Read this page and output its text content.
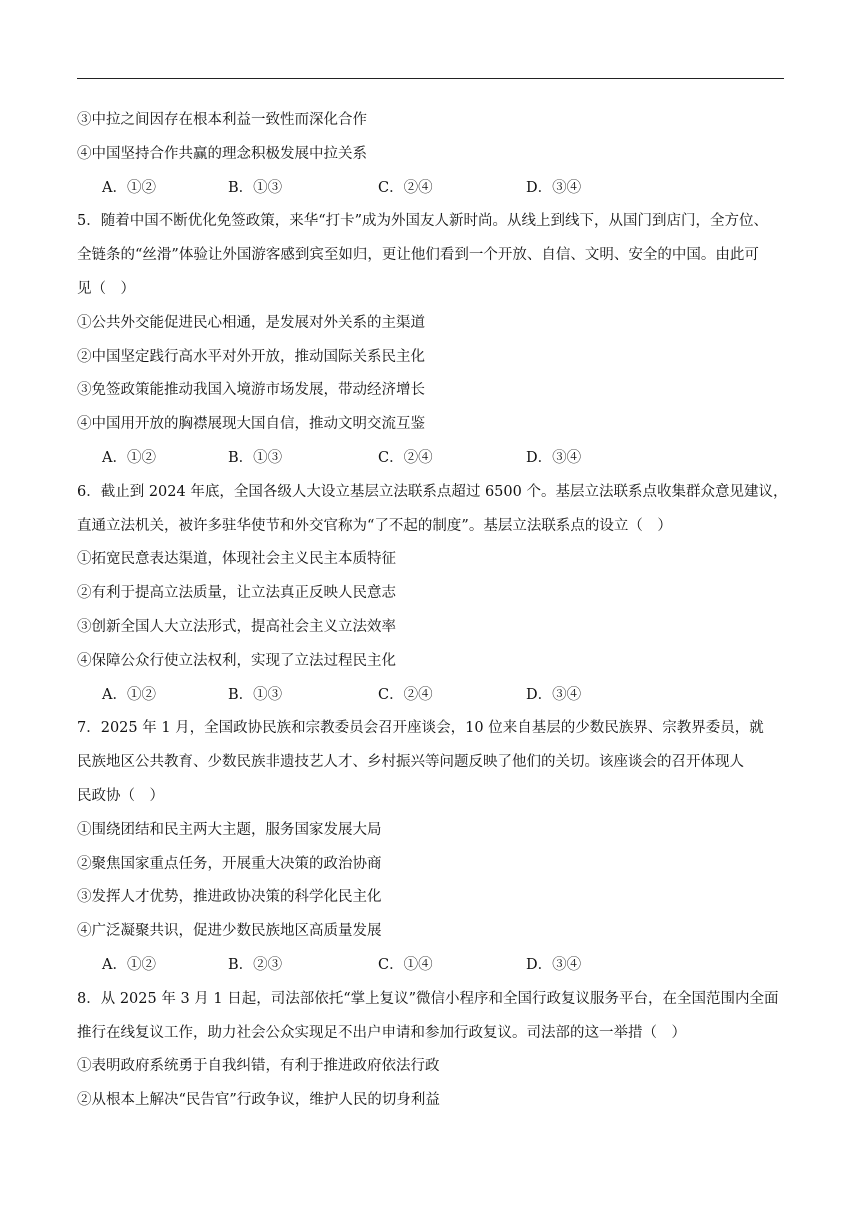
③中拉之间因存在根本利益一致性而深化合作
④中国坚持合作共赢的理念积极发展中拉关系
A．①②	B．①③	C．②④	D．③④
5．随着中国不断优化免签政策，来华“打卡”成为外国友人新时尚。从线上到线下，从国门到店门，全方位、
全链条的“丝滑”体验让外国游客感到宾至如归，更让他们看到一个开放、自信、文明、安全的中国。由此可
见（　）
①公共外交能促进民心相通，是发展对外关系的主渠道
②中国坚定践行高水平对外开放，推动国际关系民主化
③免签政策能推动我国入境游市场发展，带动经济增长
④中国用开放的胸襟展现大国自信，推动文明交流互鉴
A．①②	B．①③	C．②④	D．③④
6．截止到 2024 年底，全国各级人大设立基层立法联系点超过 6500 个。基层立法联系点收集群众意见建议，
直通立法机关，被许多驻华使节和外交官称为“了不起的制度”。基层立法联系点的设立（　）
①拓宽民意表达渠道，体现社会主义民主本质特征
②有利于提高立法质量，让立法真正反映人民意志
③创新全国人大立法形式，提高社会主义立法效率
④保障公众行使立法权利，实现了立法过程民主化
A．①②	B．①③	C．②④	D．③④
7．2025 年 1 月，全国政协民族和宗教委员会召开座谈会，10 位来自基层的少数民族界、宗教界委员，就
民族地区公共教育、少数民族非遗技艺人才、乡村振兴等问题反映了他们的关切。该座谈会的召开体现人
民政协（　）
①围绕团结和民主两大主题，服务国家发展大局
②聚焦国家重点任务，开展重大决策的政治协商
③发挥人才优势，推进政协决策的科学化民主化
④广泛凝聚共识，促进少数民族地区高质量发展
A．①②	B．②③	C．①④	D．③④
8．从 2025 年 3 月 1 日起，司法部依托“掌上复议”微信小程序和全国行政复议服务平台，在全国范围内全面
推行在线复议工作，助力社会公众实现足不出户申请和参加行政复议。司法部的这一举措（　）
①表明政府系统勇于自我纠错，有利于推进政府依法行政
②从根本上解决“民告官”行政争议，维护人民的切身利益
